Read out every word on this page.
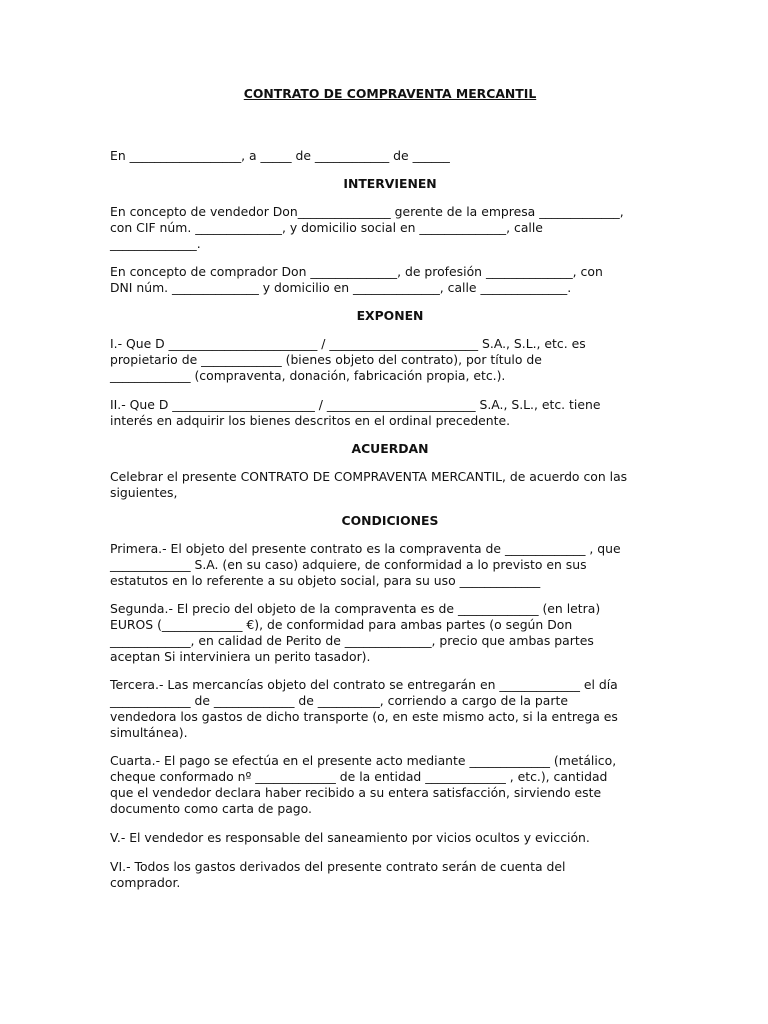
CONTRATO DE COMPRAVENTA MERCANTIL

En __________________, a _____ de ____________ de ______

INTERVIENEN

En concepto de vendedor Don_______________ gerente de la empresa _____________,

con CIF núm. ______________, y domicilio social en ______________, calle

______________.

En concepto de comprador Don ______________, de profesión ______________, con

DNI núm. ______________ y domicilio en ______________, calle ______________.

EXPONEN

I.- Que D ________________________ / ________________________ S.A., S.L., etc. es

propietario de _____________ (bienes objeto del contrato), por título de

_____________ (compraventa, donación, fabricación propia, etc.).

II.- Que D _______________________ / ________________________ S.A., S.L., etc. tiene

interés en adquirir los bienes descritos en el ordinal precedente.

ACUERDAN

Celebrar el presente CONTRATO DE COMPRAVENTA MERCANTIL, de acuerdo con las

siguientes,

CONDICIONES

Primera.- El objeto del presente contrato es la compraventa de _____________ , que

_____________ S.A. (en su caso) adquiere, de conformidad a lo previsto en sus

estatutos en lo referente a su objeto social, para su uso _____________

Segunda.- El precio del objeto de la compraventa es de _____________ (en letra)

EUROS (_____________ €), de conformidad para ambas partes (o según Don

_____________, en calidad de Perito de ______________, precio que ambas partes

aceptan Si interviniera un perito tasador).

Tercera.- Las mercancías objeto del contrato se entregarán en _____________ el día

_____________ de _____________ de __________, corriendo a cargo de la parte

vendedora los gastos de dicho transporte (o, en este mismo acto, si la entrega es

simultánea).

Cuarta.- El pago se efectúa en el presente acto mediante _____________ (metálico,

cheque conformado nº _____________ de la entidad _____________ , etc.), cantidad

que el vendedor declara haber recibido a su entera satisfacción, sirviendo este

documento como carta de pago.

V.- El vendedor es responsable del saneamiento por vicios ocultos y evicción.

VI.- Todos los gastos derivados del presente contrato serán de cuenta del

comprador.
